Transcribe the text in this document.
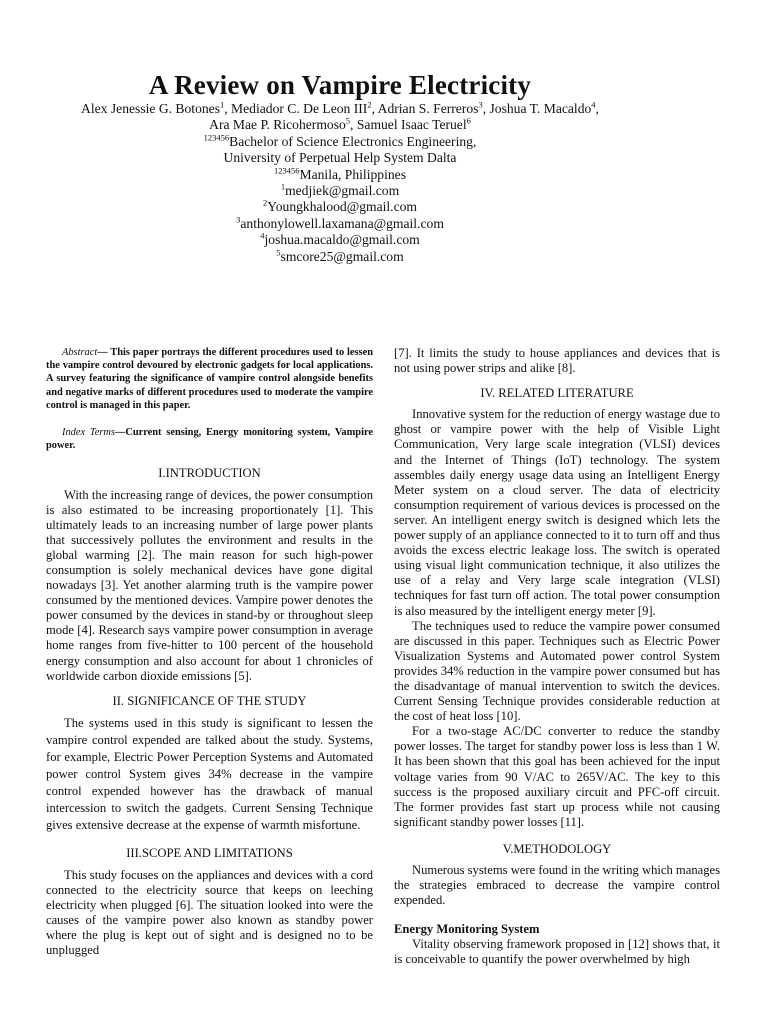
A Review on Vampire Electricity
Alex Jenessie G. Botones$^1$, Mediador C. De Leon III$^2$, Adrian S. Ferreros$^3$, Joshua T. Macaldo$^4$,
Ara Mae P. Ricohermoso$^5$, Samuel Isaac Teruel$^6$
$^{123456}$Bachelor of Science Electronics Engineering,
University of Perpetual Help System Dalta
$^{123456}$Manila, Philippines
$^1$medjiek@gmail.com
$^2$Youngkhalood@gmail.com
$^3$anthonylowell.laxamana@gmail.com
$^4$joshua.macaldo@gmail.com
$^5$smcore25@gmail.com

Abstract— This paper portrays the different procedures used to lessen the vampire control devoured by electronic gadgets for local applications. A survey featuring the significance of vampire control alongside benefits and negative marks of different procedures used to moderate the vampire control is managed in this paper.

Index Terms—Current sensing, Energy monitoring system, Vampire power.

I.INTRODUCTION

With the increasing range of devices, the power consumption is also estimated to be increasing proportionately [1]. This ultimately leads to an increasing number of large power plants that successively pollutes the environment and results in the global warming [2]. The main reason for such high-power consumption is solely mechanical devices have gone digital nowadays [3]. Yet another alarming truth is the vampire power consumed by the mentioned devices. Vampire power denotes the power consumed by the devices in stand-by or throughout sleep mode [4]. Research says vampire power consumption in average home ranges from five-hitter to 100 percent of the household energy consumption and also account for about 1 chronicles of worldwide carbon dioxide emissions [5].

II. SIGNIFICANCE OF THE STUDY

The systems used in this study is significant to lessen the vampire control expended are talked about the study. Systems, for example, Electric Power Perception Systems and Automated power control System gives 34% decrease in the vampire control expended however has the drawback of manual intercession to switch the gadgets. Current Sensing Technique gives extensive decrease at the expense of warmth misfortune.

III.SCOPE AND LIMITATIONS

This study focuses on the appliances and devices with a cord connected to the electricity source that keeps on leeching electricity when plugged [6]. The situation looked into were the causes of the vampire power also known as standby power where the plug is kept out of sight and is designed no to be unplugged

[7]. It limits the study to house appliances and devices that is not using power strips and alike [8].

IV. RELATED LITERATURE

Innovative system for the reduction of energy wastage due to ghost or vampire power with the help of Visible Light Communication, Very large scale integration (VLSI) devices and the Internet of Things (IoT) technology. The system assembles daily energy usage data using an Intelligent Energy Meter system on a cloud server. The data of electricity consumption requirement of various devices is processed on the server. An intelligent energy switch is designed which lets the power supply of an appliance connected to it to turn off and thus avoids the excess electric leakage loss. The switch is operated using visual light communication technique, it also utilizes the use of a relay and Very large scale integration (VLSI) techniques for fast turn off action. The total power consumption is also measured by the intelligent energy meter [9].

The techniques used to reduce the vampire power consumed are discussed in this paper. Techniques such as Electric Power Visualization Systems and Automated power control System provides 34% reduction in the vampire power consumed but has the disadvantage of manual intervention to switch the devices. Current Sensing Technique provides considerable reduction at the cost of heat loss [10].

For a two-stage AC/DC converter to reduce the standby power losses. The target for standby power loss is less than 1 W. It has been shown that this goal has been achieved for the input voltage varies from 90 V/AC to 265V/AC. The key to this success is the proposed auxiliary circuit and PFC-off circuit. The former provides fast start up process while not causing significant standby power losses [11].

V.METHODOLOGY

Numerous systems were found in the writing which manages the strategies embraced to decrease the vampire control expended.

Energy Monitoring System

Vitality observing framework proposed in [12] shows that, it is conceivable to quantify the power overwhelmed by high
